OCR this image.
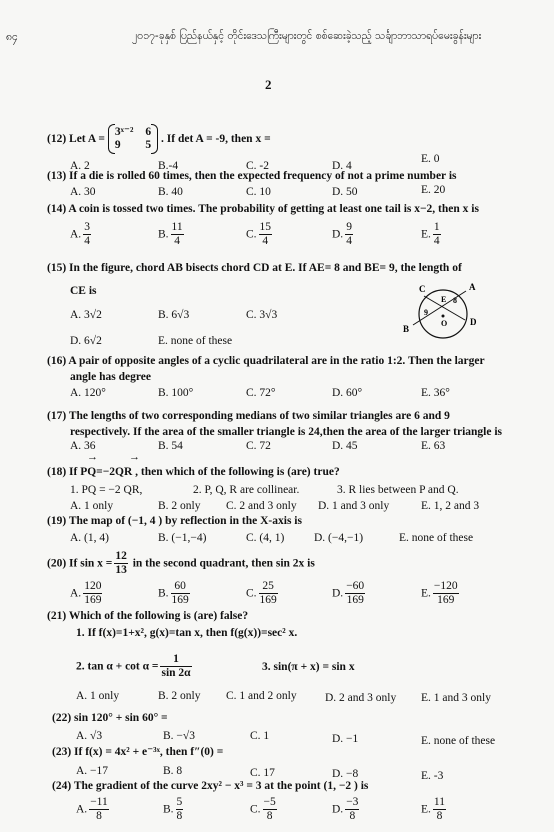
၈၄	၂၀၁၇-ခုနှစ် ပြည်နယ်နှင့် တိုင်းဒေသကြီးများတွင် စစ်ဆေးခဲ့သည့် သင်္ချာဘာသာရပ်မေးခွန်းများ
2
(12) Let A =
3ˣ⁻² 6
9 5
. If det A = -9, then x =
A. 2	B.-4	C. -2	D. 4
E. 0
(13) If a die is rolled 60 times, then the expected frequency of not a prime number is
A. 30	B. 40	C. 10	D. 50	E. 20
(14) A coin is tossed two times. The probability of getting at least one tail is x−2, then x is
A. $\frac{3}{4}$	B. $\frac{11}{4}$	C. $\frac{15}{4}$	D. $\frac{9}{4}$	E. $\frac{1}{4}$
(15) In the figure, chord AB bisects chord CD at E. If AE= 8 and BE= 9, the length of
CE is
A. 3√2	B. 6√3	C. 3√3
D. 6√2	E. none of these
C	A
E
B
D
O
8
9
(16) A pair of opposite angles of a cyclic quadrilateral are in the ratio 1:2. Then the larger
angle has degree
A. 120°	B. 100°	C. 72°	D. 60°	E. 36°
(17) The lengths of two corresponding medians of two similar triangles are 6 and 9
respectively. If the area of the smaller triangle is 24,then the area of the larger triangle is
A. 36	B. 54	C. 72	D. 45	E. 63
→	→
(18) If PQ=−2QR , then which of the following is (are) true?
1. PQ = −2 QR,	2. P, Q, R are collinear.	3. R lies between P and Q.
A. 1 only	B. 2 only C. 2 and 3 only D. 1 and 3 only	E. 1, 2 and 3
(19) The map of (−1, 4 ) by reflection in the X-axis is
A. (1, 4)	B. (−1,−4)	C. (4, 1)	D. (−4,−1)	E. none of these
(20) If $\sin x = \frac{12}{13}$ in the second quadrant, then sin 2x is
A. $\frac{120}{169}$	B. $\frac{60}{169}$	C. $\frac{25}{169}$	D. $\frac{-60}{169}$	E. $\frac{-120}{169}$
(21) Which of the following is (are) false?
1. If f(x)=1+x², g(x)=tan x, then f(g(x))=sec² x.
2. $\tan \alpha + \cot \alpha = \frac{1}{\sin 2\alpha}$	3. sin(π + x) = sin x
A. 1 only	B. 2 only C. 1 and 2 only D. 2 and 3 only E. 1 and 3 only
(22) sin 120° + sin 60° =
A. √3	B. −√3	C. 1	D. −1	E. none of these
(23) If f(x) = 4x² + e⁻³ˣ, then f″(0) =
A. −17	B. 8	C. 17	D. −8	E. -3
(24) The gradient of the curve 2xy² − x³ = 3 at the point (1, −2 ) is
A. $\frac{-11}{8}$	B. $\frac{5}{8}$	C. $\frac{-5}{8}$	D. $\frac{-3}{8}$	E. $\frac{11}{8}$
